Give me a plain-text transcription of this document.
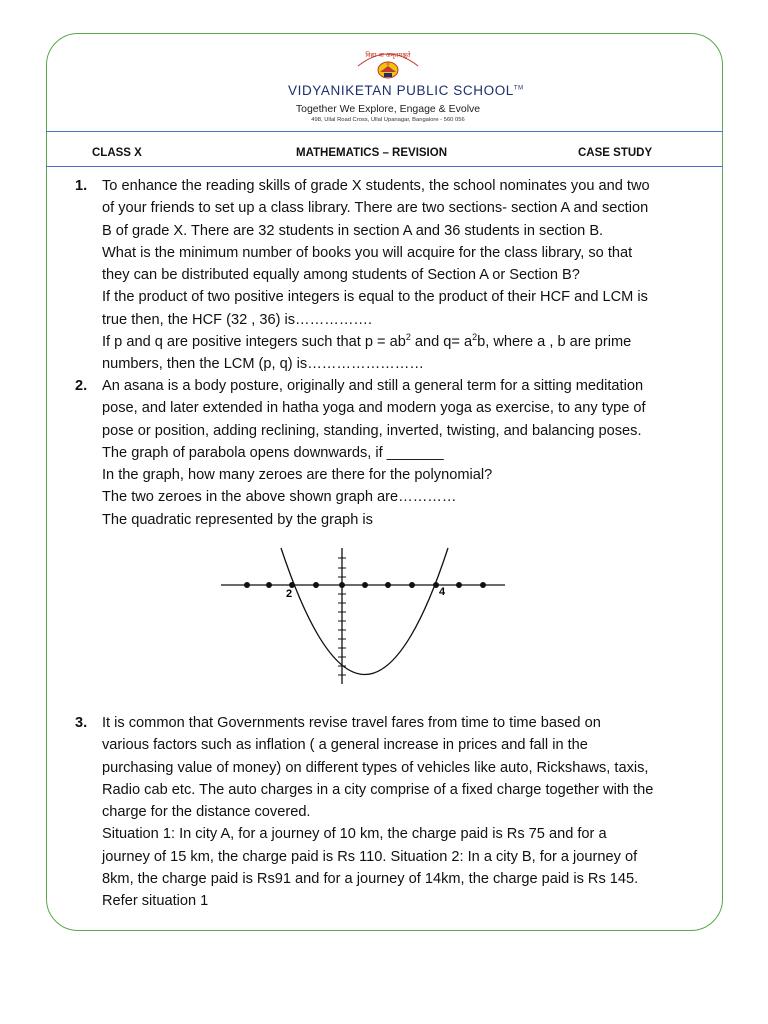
विद्या वा अमृतमश्नुते
VIDYANIKETAN PUBLIC SCHOOL™
Together We Explore, Engage & Evolve
498, Ullal Road Cross, Ullal Upanagar, Bangalore - 560 056
CLASS X	MATHEMATICS – REVISION	CASE STUDY
1. To enhance the reading skills of grade X students, the school nominates you and two
of your friends to set up a class library. There are two sections- section A and section
B of grade X. There are 32 students in section A and 36 students in section B.
What is the minimum number of books you will acquire for the class library, so that
they can be distributed equally among students of Section A or Section B?
If the product of two positive integers is equal to the product of their HCF and LCM is
true then, the HCF (32 , 36) is…………….
If p and q are positive integers such that $p = ab^2$ and $q= a^2b$, where a , b are prime
numbers, then the LCM (p, q) is……………………
2. An asana is a body posture, originally and still a general term for a sitting meditation
pose, and later extended in hatha yoga and modern yoga as exercise, to any type of
pose or position, adding reclining, standing, inverted, twisting, and balancing poses.
The graph of parabola opens downwards, if _______
In the graph, how many zeroes are there for the polynomial?
The two zeroes in the above shown graph are…………
The quadratic represented by the graph is
2	4
3. It is common that Governments revise travel fares from time to time based on
various factors such as inflation ( a general increase in prices and fall in the
purchasing value of money) on different types of vehicles like auto, Rickshaws, taxis,
Radio cab etc. The auto charges in a city comprise of a fixed charge together with the
charge for the distance covered.
Situation 1: In city A, for a journey of 10 km, the charge paid is Rs 75 and for a
journey of 15 km, the charge paid is Rs 110. Situation 2: In a city B, for a journey of
8km, the charge paid is Rs91 and for a journey of 14km, the charge paid is Rs 145.
Refer situation 1
